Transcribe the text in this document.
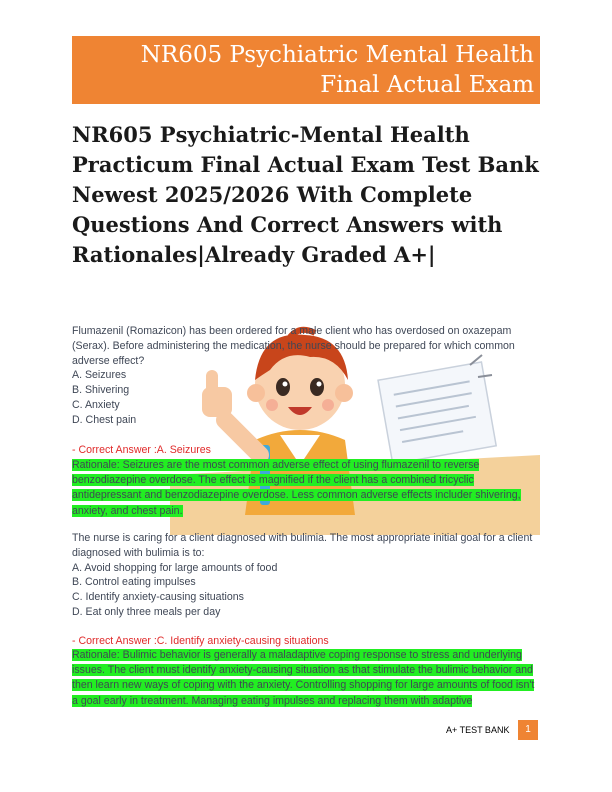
NR605 Psychiatric Mental Health Final Actual Exam
NR605 Psychiatric-Mental Health Practicum Final Actual Exam Test Bank Newest 2025/2026 With Complete Questions And Correct Answers with Rationales|Already Graded A+|

Flumazenil (Romazicon) has been ordered for a male client who has overdosed on oxazepam (Serax). Before administering the medication, the nurse should be prepared for which common adverse effect?

A. Seizures
B. Shivering
C. Anxiety
D. Chest pain
- Correct Answer :A. Seizures

Rationale: Seizures are the most common adverse effect of using flumazenil to reverse benzodiazepine overdose. The effect is magnified if the client has a combined tricyclic antidepressant and benzodiazepine overdose. Less common adverse effects includer shivering, anxiety, and chest pain.

The nurse is caring for a client diagnosed with bulimia. The most appropriate initial goal for a client diagnosed with bulimia is to:

A. Avoid shopping for large amounts of food
B. Control eating impulses
C. Identify anxiety-causing situations
D. Eat only three meals per day
- Correct Answer :C. Identify anxiety-causing situations

Rationale: Bulimic behavior is generally a maladaptive coping response to stress and underlying issues. The client must identify anxiety-causing situation as that stimulate the bulimic behavior and then learn new ways of coping with the anxiety. Controlling shopping for large amounts of food isn't a goal early in treatment. Managing eating impulses and replacing them with adaptive

A+ TEST BANK	1
